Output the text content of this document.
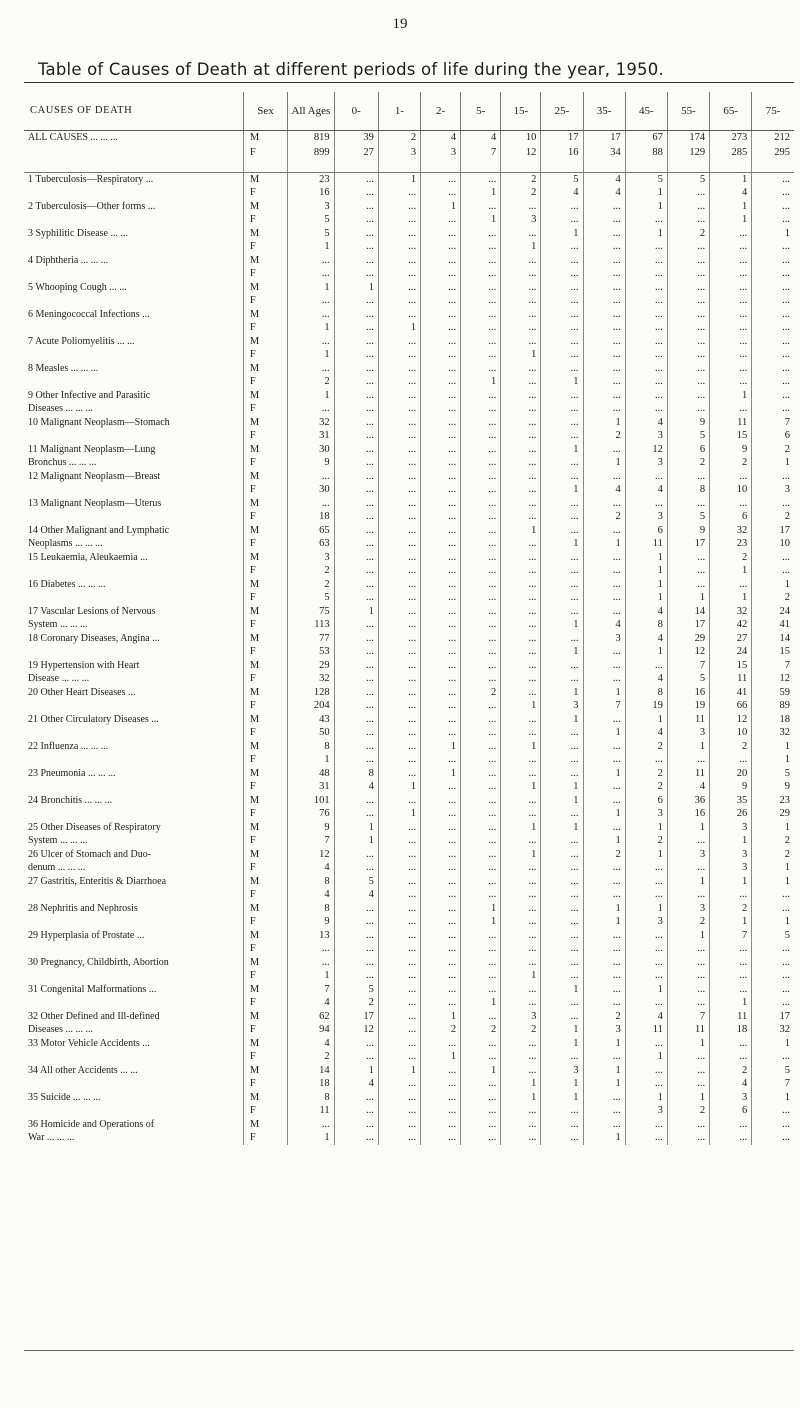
19
Table of Causes of Death at different periods of life during the year, 1950.
CAUSES OF DEATH	Sex	All Ages	0-	1-	2-	5-	15-	25-	35-	45-	55-	65-	75-
ALL CAUSES ... ... ...	M	819	39	2	4	4	10	17	17	67	174	273	212
	F	899	27	3	3	7	12	16	34	88	129	285	295

1 Tuberculosis—Respiratory ...	M	23	...	1	...	...	2	5	4	5	5	1	...
	F	16	...	...	...	1	2	4	4	1	...	4	...
2 Tuberculosis—Other forms ...	M	3	...	...	1	...	...	...	...	1	...	1	...
	F	5	...	...	...	1	3	...	...	...	...	1	...
3 Syphilitic Disease ... ...	M	5	...	...	...	...	...	1	...	1	2	...	1
	F	1	...	...	...	...	1	...	...	...	...	...	...
4 Diphtheria ... ... ...	M	...	...	...	...	...	...	...	...	...	...	...	...
	F	...	...	...	...	...	...	...	...	...	...	...	...
5 Whooping Cough ... ...	M	1	1	...	...	...	...	...	...	...	...	...	...
	F	...	...	...	...	...	...	...	...	...	...	...	...
6 Meningococcal Infections ...	M	...	...	...	...	...	...	...	...	...	...	...	...
	F	1	...	1	...	...	...	...	...	...	...	...	...
7 Acute Poliomyelitis ... ...	M	...	...	...	...	...	...	...	...	...	...	...	...
	F	1	...	...	...	...	1	...	...	...	...	...	...
8 Measles ... ... ...	M	...	...	...	...	...	...	...	...	...	...	...	...
	F	2	...	...	...	1	...	1	...	...	...	...	...
9 Other Infective and Parasitic	M	1	...	...	...	...	...	...	...	...	...	1	...
Diseases ... ... ...	F	...	...	...	...	...	...	...	...	...	...	...	...
10 Malignant Neoplasm—Stomach	M	32	...	...	...	...	...	...	1	4	9	11	7
	F	31	...	...	...	...	...	...	2	3	5	15	6
11 Malignant Neoplasm—Lung	M	30	...	...	...	...	...	1	...	12	6	9	2
Bronchus ... ... ...	F	9	...	...	...	...	...	...	1	3	2	2	1
12 Malignant Neoplasm—Breast	M	...	...	...	...	...	...	...	...	...	...	...	...
	F	30	...	...	...	...	...	1	4	4	8	10	3
13 Malignant Neoplasm—Uterus	M	...	...	...	...	...	...	...	...	...	...	...	...
	F	18	...	...	...	...	...	...	2	3	5	6	2
14 Other Malignant and Lymphatic	M	65	...	...	...	...	1	...	...	6	9	32	17
Neoplasms ... ... ...	F	63	...	...	...	...	...	1	1	11	17	23	10
15 Leukaemia, Aleukaemia ...	M	3	...	...	...	...	...	...	...	1	...	2	...
	F	2	...	...	...	...	...	...	...	1	...	1	...
16 Diabetes ... ... ...	M	2	...	...	...	...	...	...	...	1	...	...	1
	F	5	...	...	...	...	...	...	...	1	1	1	2
17 Vascular Lesions of Nervous	M	75	1	...	...	...	...	...	...	4	14	32	24
System ... ... ...	F	113	...	...	...	...	...	1	4	8	17	42	41
18 Coronary Diseases, Angina ...	M	77	...	...	...	...	...	...	3	4	29	27	14
	F	53	...	...	...	...	...	1	...	1	12	24	15
19 Hypertension with Heart	M	29	...	...	...	...	...	...	...	...	7	15	7
Disease ... ... ...	F	32	...	...	...	...	...	...	...	4	5	11	12
20 Other Heart Diseases ...	M	128	...	...	...	2	...	1	1	8	16	41	59
	F	204	...	...	...	...	1	3	7	19	19	66	89
21 Other Circulatory Diseases ...	M	43	...	...	...	...	...	1	...	1	11	12	18
	F	50	...	...	...	...	...	...	1	4	3	10	32
22 Influenza ... ... ...	M	8	...	...	1	...	1	...	...	2	1	2	1
	F	1	...	...	...	...	...	...	...	...	...	...	1
23 Pneumonia ... ... ...	M	48	8	...	1	...	...	...	1	2	11	20	5
	F	31	4	1	...	...	1	1	...	2	4	9	9
24 Bronchitis ... ... ...	M	101	...	...	...	...	...	1	...	6	36	35	23
	F	76	...	1	...	...	...	...	1	3	16	26	29
25 Other Diseases of Respiratory	M	9	1	...	...	...	1	1	...	1	1	3	1
System ... ... ...	F	7	1	...	...	...	...	...	1	2	...	1	2
26 Ulcer of Stomach and Duo-	M	12	...	...	...	...	1	...	2	1	3	3	2
denum ... ... ...	F	4	...	...	...	...	...	...	...	...	...	3	1
27 Gastritis, Enteritis & Diarrhoea	M	8	5	...	...	...	...	...	...	...	1	1	1
	F	4	4	...	...	...	...	...	...	...	...	...	...
28 Nephritis and Nephrosis	M	8	...	...	...	1	...	...	1	1	3	2	...
	F	9	...	...	...	1	...	...	1	3	2	1	1
29 Hyperplasia of Prostate ...	M	13	...	...	...	...	...	...	...	...	1	7	5
	F	...	...	...	...	...	...	...	...	...	...	...	...
30 Pregnancy, Childbirth, Abortion	M	...	...	...	...	...	...	...	...	...	...	...	...
	F	1	...	...	...	...	1	...	...	...	...	...	...
31 Congenital Malformations ...	M	7	5	...	...	...	...	1	...	1	...	...	...
	F	4	2	...	...	1	...	...	...	...	...	1	...
32 Other Defined and Ill-defined	M	62	17	...	1	...	3	...	2	4	7	11	17
Diseases ... ... ...	F	94	12	...	2	2	2	1	3	11	11	18	32
33 Motor Vehicle Accidents ...	M	4	...	...	...	...	...	1	1	...	1	...	1
	F	2	...	...	1	...	...	...	...	1	...	...	...
34 All other Accidents ... ...	M	14	1	1	...	1	...	3	1	...	...	2	5
	F	18	4	...	...	...	1	1	1	...	...	4	7
35 Suicide ... ... ...	M	8	...	...	...	...	1	1	...	1	1	3	1
	F	11	...	...	...	...	...	...	...	3	2	6	...
36 Homicide and Operations of	M	...	...	...	...	...	...	...	...	...	...	...	...
War ... ... ...	F	1	...	...	...	...	...	...	1	...	...	...	...
